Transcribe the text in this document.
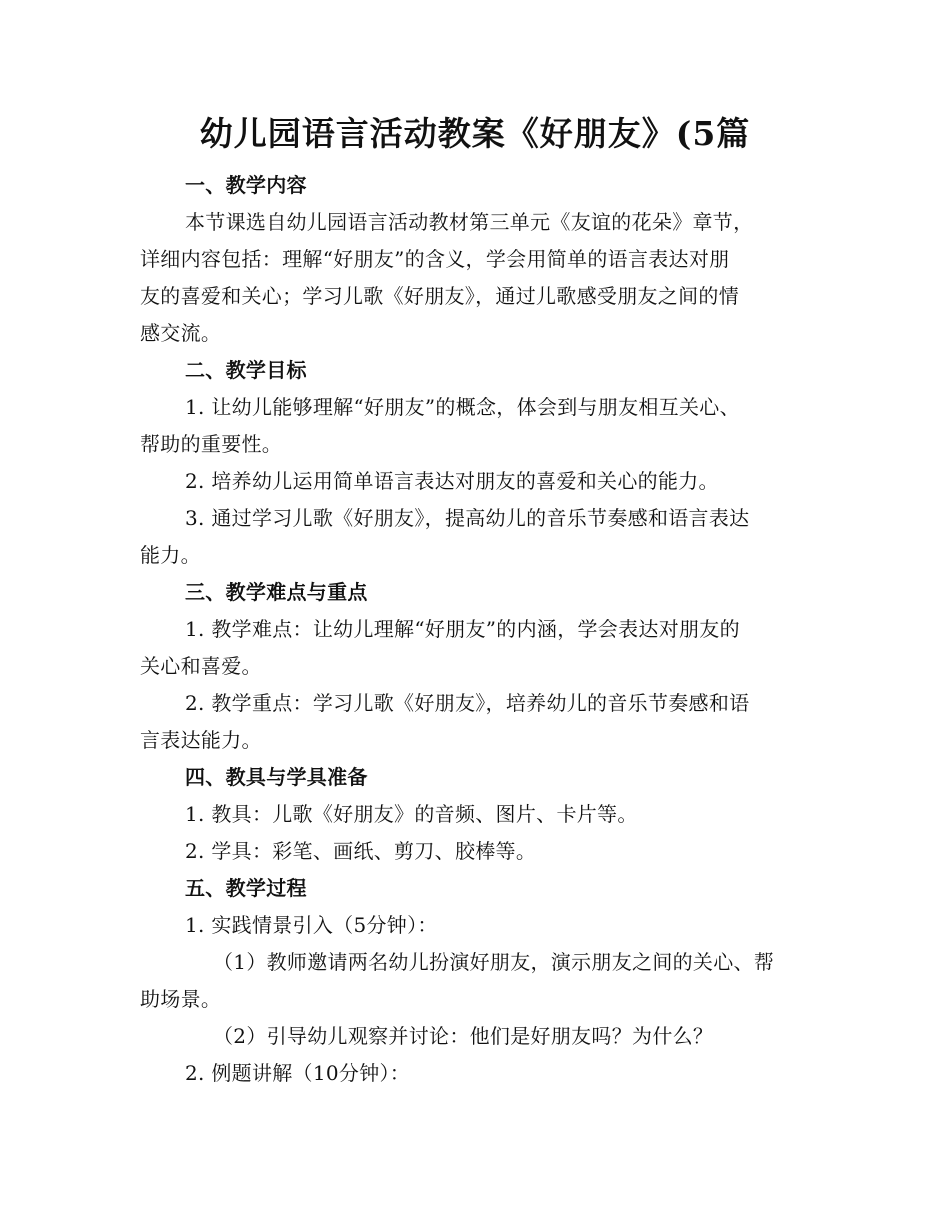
幼儿园语言活动教案《好朋友》(5篇

一、教学内容

本节课选自幼儿园语言活动教材第三单元《友谊的花朵》章节，

详细内容包括：理解“好朋友”的含义，学会用简单的语言表达对朋

友的喜爱和关心；学习儿歌《好朋友》，通过儿歌感受朋友之间的情

感交流。

二、教学目标

1. 让幼儿能够理解“好朋友”的概念，体会到与朋友相互关心、

帮助的重要性。

2. 培养幼儿运用简单语言表达对朋友的喜爱和关心的能力。

3. 通过学习儿歌《好朋友》，提高幼儿的音乐节奏感和语言表达

能力。

三、教学难点与重点

1. 教学难点：让幼儿理解“好朋友”的内涵，学会表达对朋友的

关心和喜爱。

2. 教学重点：学习儿歌《好朋友》，培养幼儿的音乐节奏感和语

言表达能力。

四、教具与学具准备

1. 教具：儿歌《好朋友》的音频、图片、卡片等。

2. 学具：彩笔、画纸、剪刀、胶棒等。

五、教学过程

1. 实践情景引入（5分钟）：

（1）教师邀请两名幼儿扮演好朋友，演示朋友之间的关心、帮

助场景。

（2）引导幼儿观察并讨论：他们是好朋友吗？为什么？

2. 例题讲解（10分钟）：
